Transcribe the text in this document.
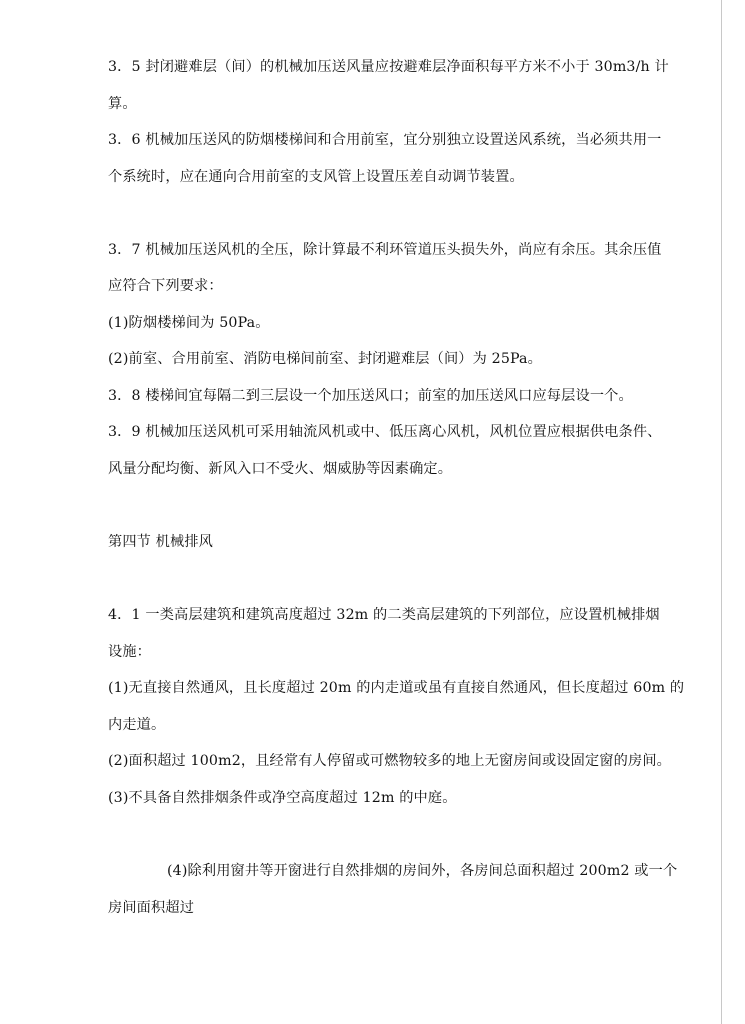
3．5 封闭避难层（间）的机械加压送风量应按避难层净面积每平方米不小于 30m3/h 计
算。
3．6 机械加压送风的防烟楼梯间和合用前室，宜分别独立设置送风系统，当必须共用一
个系统时，应在通向合用前室的支风管上设置压差自动调节装置。
3．7 机械加压送风机的全压，除计算最不利环管道压头损失外，尚应有余压。其余压值
应符合下列要求：
(1)防烟楼梯间为 50Pa。
(2)前室、合用前室、消防电梯间前室、封闭避难层（间）为 25Pa。
3．8 楼梯间宜每隔二到三层设一个加压送风口；前室的加压送风口应每层设一个。
3．9 机械加压送风机可采用轴流风机或中、低压离心风机，风机位置应根据供电条件、
风量分配均衡、新风入口不受火、烟威胁等因素确定。
第四节 机械排风
4．1 一类高层建筑和建筑高度超过 32m 的二类高层建筑的下列部位，应设置机械排烟
设施：
(1)无直接自然通风，且长度超过 20m 的内走道或虽有直接自然通风，但长度超过 60m 的
内走道。
(2)面积超过 100m2，且经常有人停留或可燃物较多的地上无窗房间或设固定窗的房间。
(3)不具备自然排烟条件或净空高度超过 12m 的中庭。
(4)除利用窗井等开窗进行自然排烟的房间外，各房间总面积超过 200m2 或一个
房间面积超过
